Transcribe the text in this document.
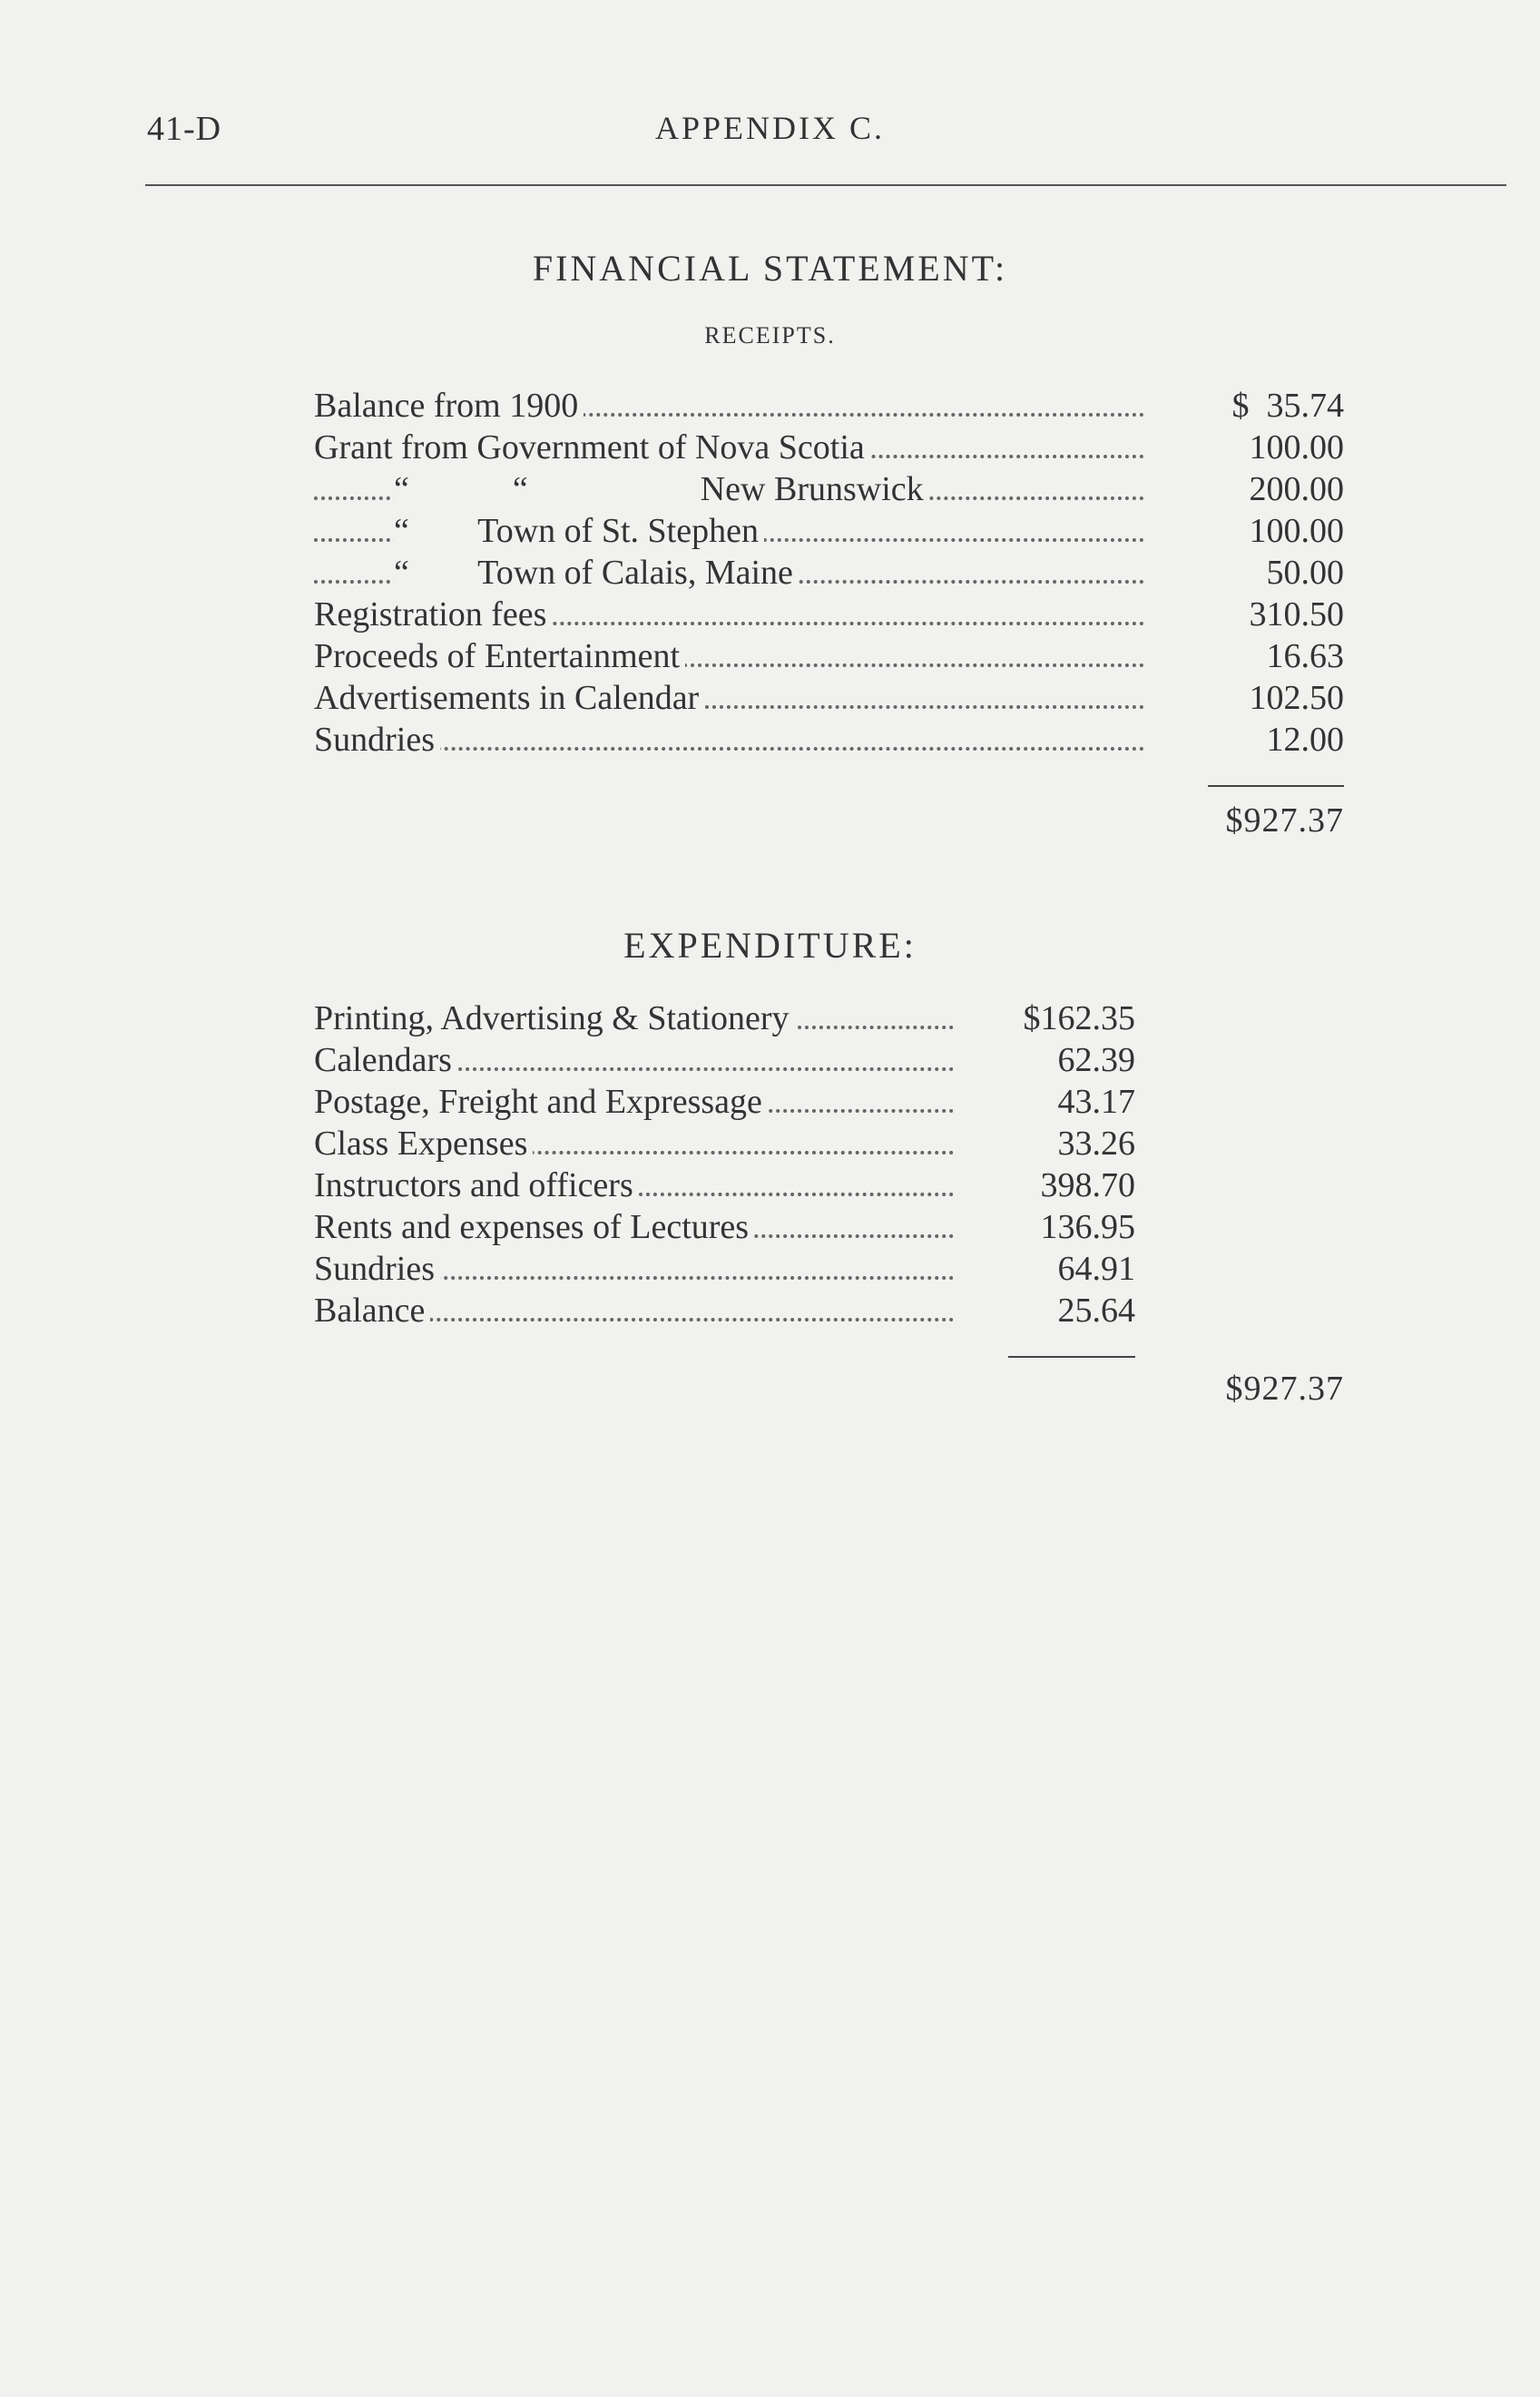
41-D	APPENDIX C.
FINANCIAL STATEMENT:
RECEIPTS.
Balance from 1900	$  35.74
Grant from Government of Nova Scotia	100.00
“            “                    New Brunswick	200.00
“        Town of St. Stephen	100.00
“        Town of Calais, Maine	50.00
Registration fees	310.50
Proceeds of Entertainment	16.63
Advertisements in Calendar	102.50
Sundries	12.00
$927.37
EXPENDITURE:
Printing, Advertising & Stationery	$162.35
Calendars	62.39
Postage, Freight and Expressage	43.17
Class Expenses	33.26
Instructors and officers	398.70
Rents and expenses of Lectures	136.95
Sundries	64.91
Balance	25.64
$927.37
